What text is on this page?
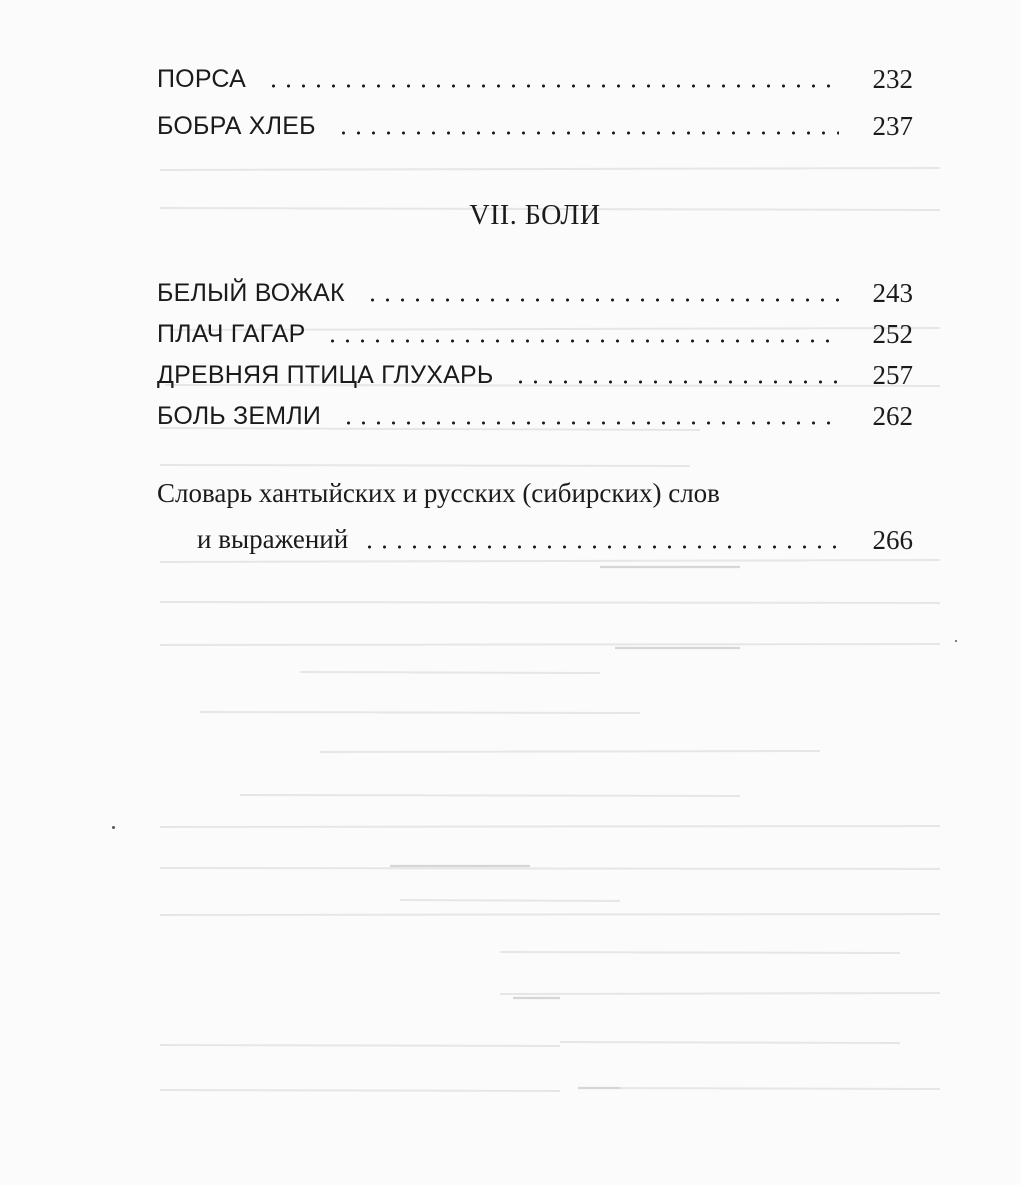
ПОРСА	232
БОБРА ХЛЕБ	237
VII. БОЛИ
БЕЛЫЙ ВОЖАК	243
ПЛАЧ ГАГАР	252
ДРЕВНЯЯ ПТИЦА ГЛУХАРЬ	257
БОЛЬ ЗЕМЛИ	262
Словарь хантыйских и русских (сибирских) слов
и выражений	266
